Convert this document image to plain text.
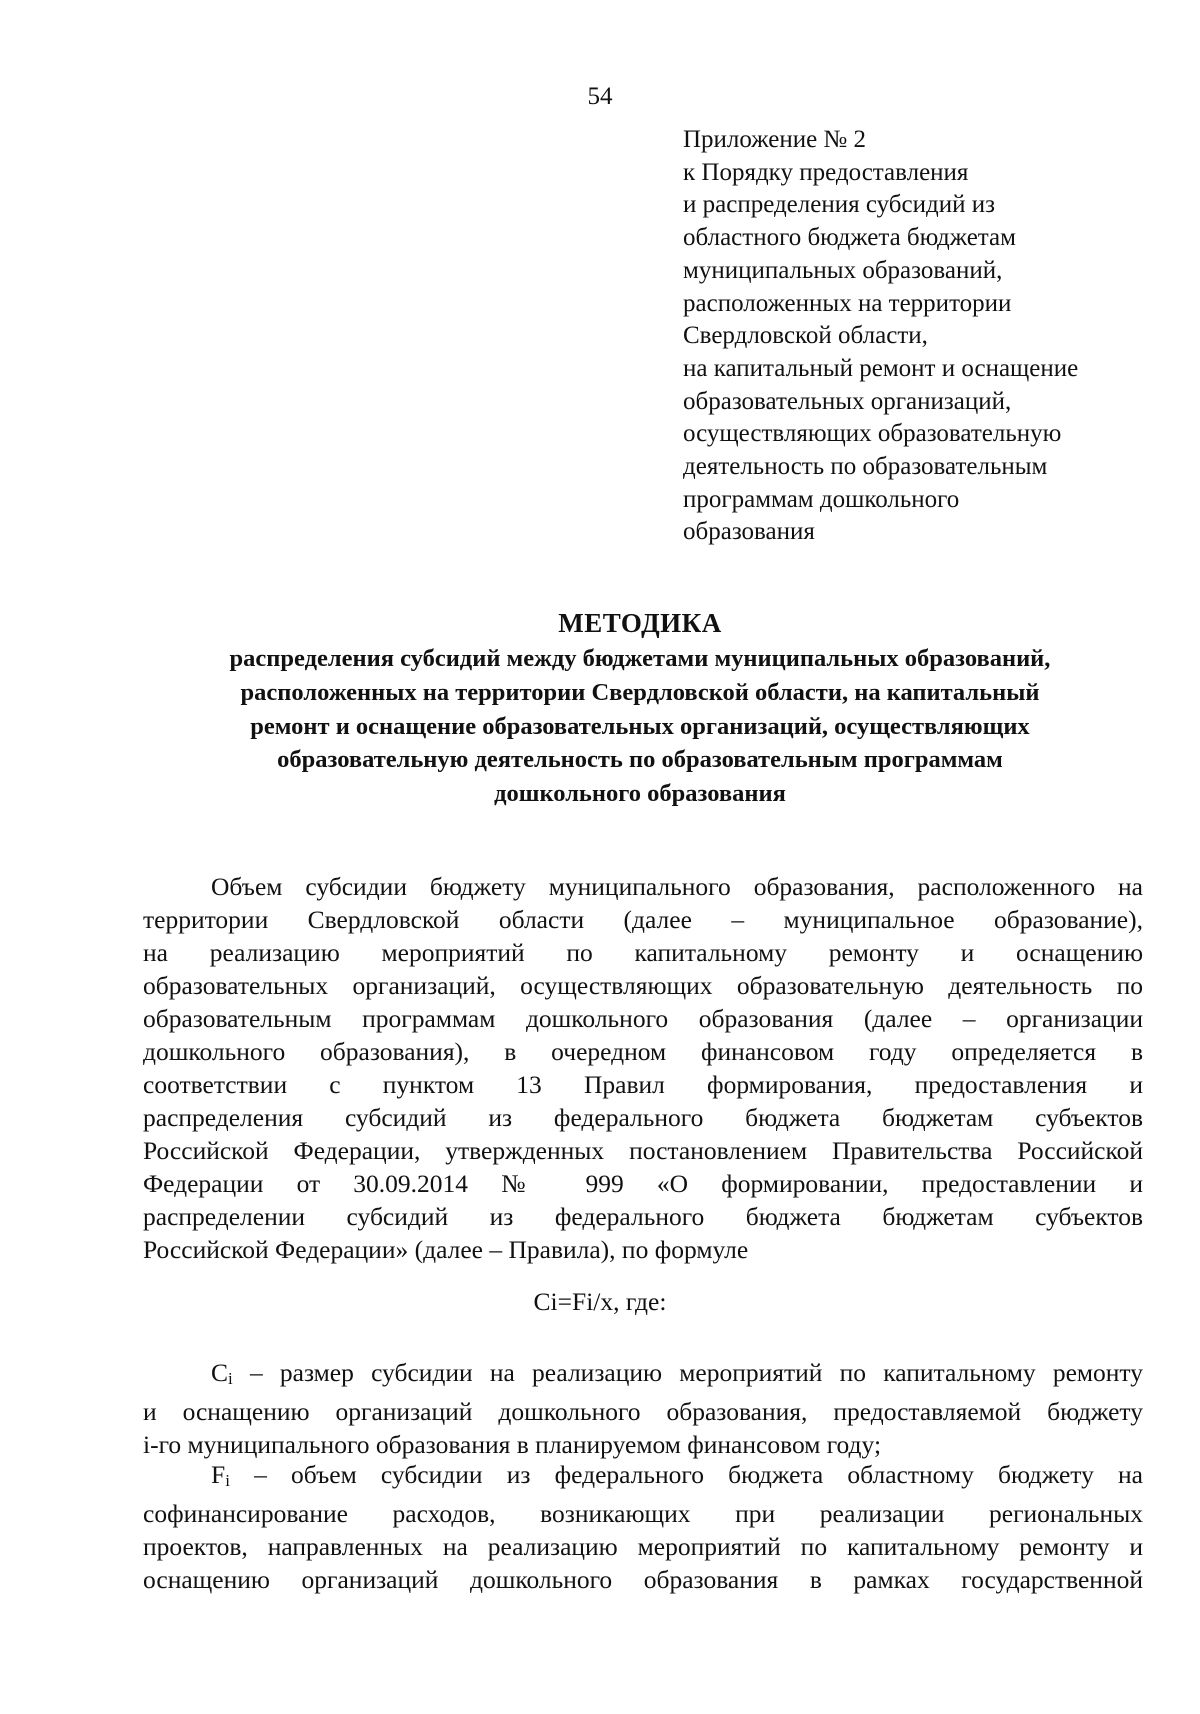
54
Приложение № 2
к Порядку предоставления
и распределения субсидий из
областного бюджета бюджетам
муниципальных образований,
расположенных на территории
Свердловской области,
на капитальный ремонт и оснащение
образовательных организаций,
осуществляющих образовательную
деятельность по образовательным
программам дошкольного
образования
МЕТОДИКА
распределения субсидий между бюджетами муниципальных образований,
расположенных на территории Свердловской области, на капитальный
ремонт и оснащение образовательных организаций, осуществляющих
образовательную деятельность по образовательным программам
дошкольного образования
Объем субсидии бюджету муниципального образования, расположенного на
территории Свердловской области (далее – муниципальное образование),
на реализацию мероприятий по капитальному ремонту и оснащению
образовательных организаций, осуществляющих образовательную деятельность по
образовательным программам дошкольного образования (далее – организации
дошкольного образования), в очередном финансовом году определяется в
соответствии с пунктом 13 Правил формирования, предоставления и
распределения субсидий из федерального бюджета бюджетам субъектов
Российской Федерации, утвержденных постановлением Правительства Российской
Федерации от 30.09.2014 № 999 «О формировании, предоставлении и
распределении субсидий из федерального бюджета бюджетам субъектов
Российской Федерации» (далее – Правила), по формуле
Ci=Fi/x, где:
Ci – размер субсидии на реализацию мероприятий по капитальному ремонту
и оснащению организаций дошкольного образования, предоставляемой бюджету
i-го муниципального образования в планируемом финансовом году;
Fi – объем субсидии из федерального бюджета областному бюджету на
софинансирование расходов, возникающих при реализации региональных
проектов, направленных на реализацию мероприятий по капитальному ремонту и
оснащению организаций дошкольного образования в рамках государственной
